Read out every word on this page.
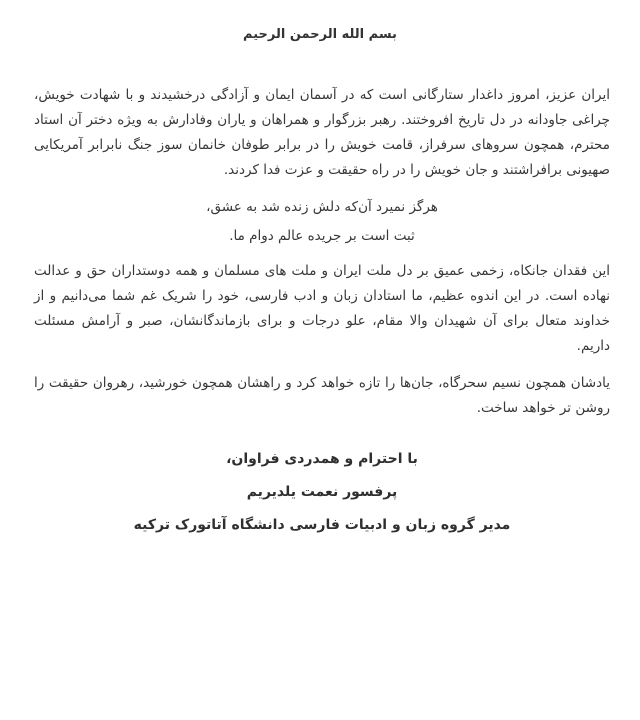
بسم الله الرحمن الرحیم

ایران عزیز، امروز داغدار ستارگانی است که در آسمان ایمان و آزادگی درخشیدند و با شهادت خویش، چراغی جاودانه در دل تاریخ افروختند. رهبر بزرگوار و همراهان و یاران وفادارش به ویژه دختر آن استاد محترم، همچون سروهای سرفراز، قامت خویش را در برابر طوفان خانمان سوز جنگ نابرابر آمریکایی صهیونی برافراشتند و جان خویش را در راه حقیقت و عزت فدا کردند.

هرگز نمیرد آن‌که دلش زنده شد به عشق،

ثبت است بر جریده عالم دوام ما.

این فقدان جانکاه، زخمی عمیق بر دل ملت ایران و ملت های مسلمان و همه دوستداران حق و عدالت نهاده است. در این اندوه عظیم، ما استادان زبان و ادب فارسی، خود را شریک غم شما می‌دانیم و از خداوند متعال برای آن شهیدان والا مقام، علو درجات و برای بازماندگانشان، صبر و آرامش مسئلت داریم.

یادشان همچون نسیم سحرگاه، جان‌ها را تازه خواهد کرد و راهشان همچون خورشید، رهروان حقیقت را روشن تر خواهد ساخت.

با احترام و همدردی فراوان،

پرفسور نعمت یلدیریم

مدیر گروه زبان و ادبیات فارسی دانشگاه آتاتورک ترکیه
